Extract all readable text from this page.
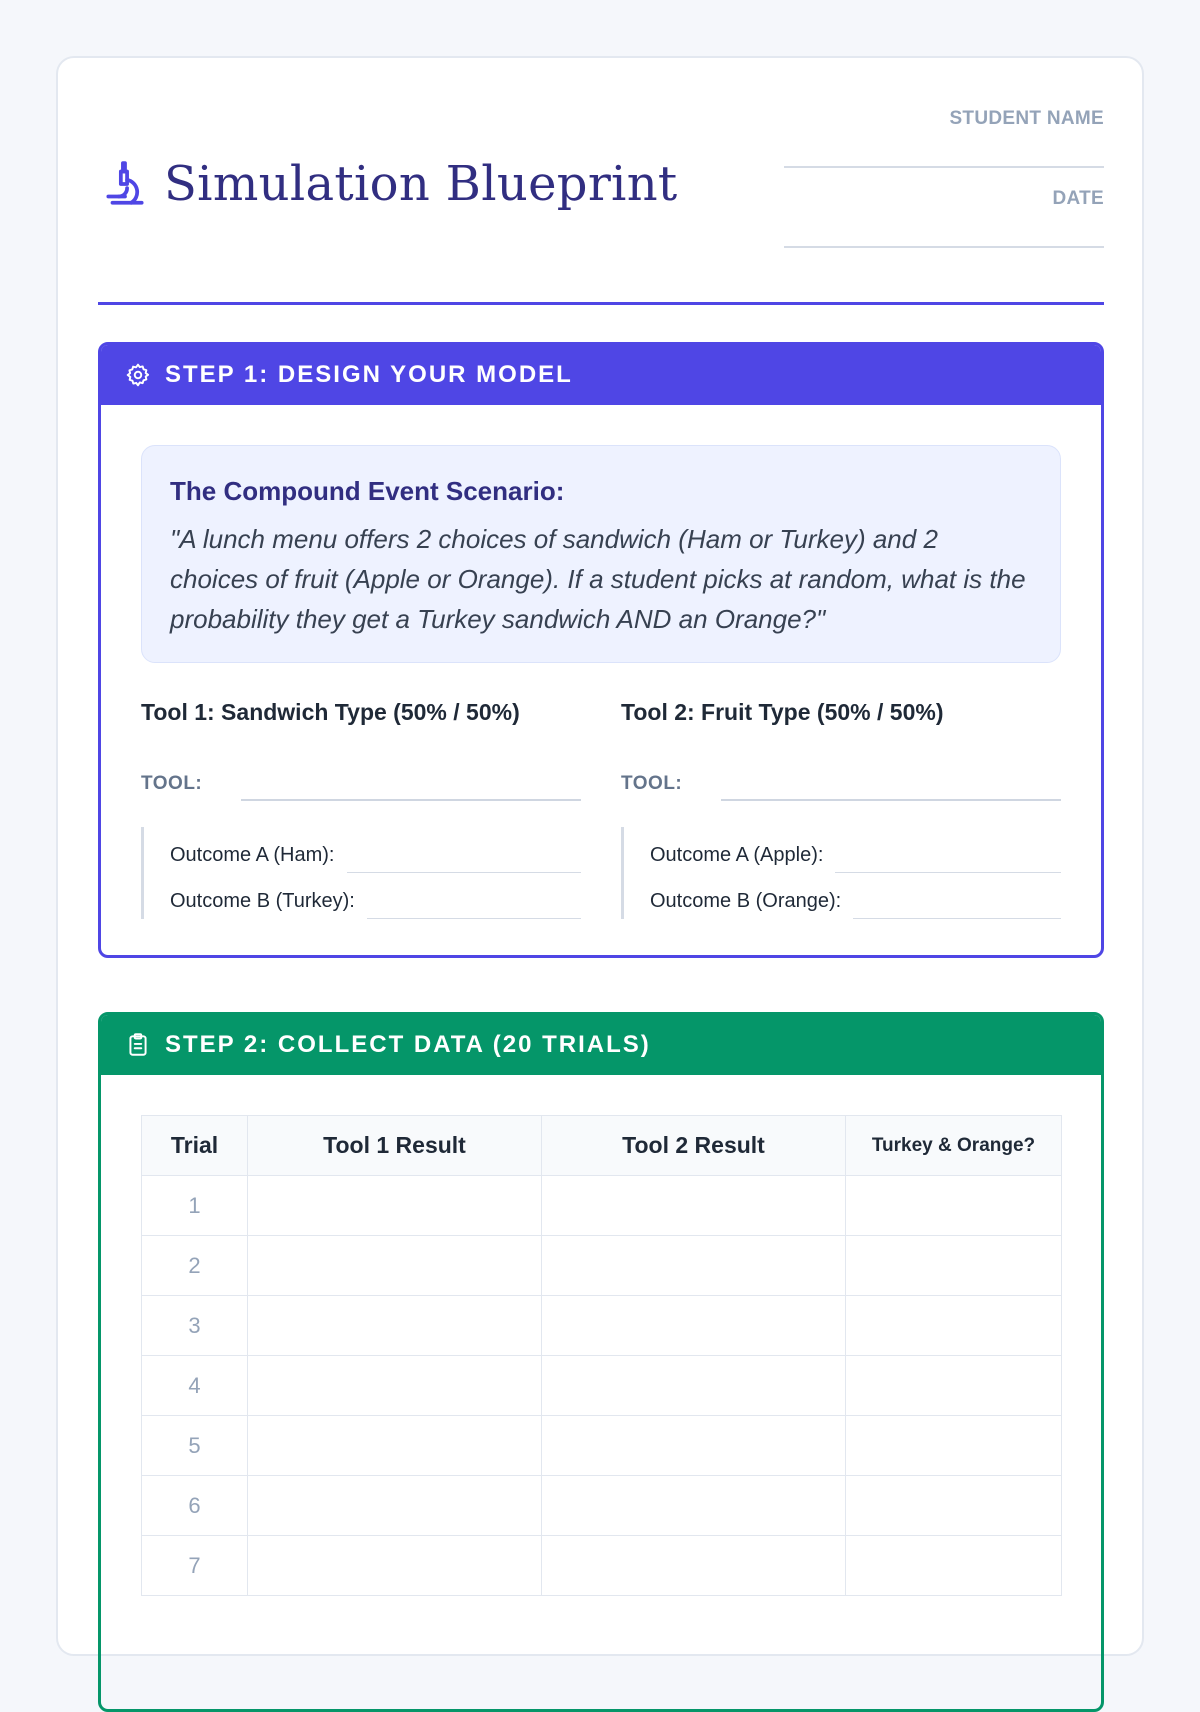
Simulation Blueprint
STUDENT NAME
DATE
STEP 1: DESIGN YOUR MODEL
The Compound Event Scenario:
"A lunch menu offers 2 choices of sandwich (Ham or Turkey) and 2 choices of fruit (Apple or Orange). If a student picks at random, what is the probability they get a Turkey sandwich AND an Orange?"
Tool 1: Sandwich Type (50% / 50%)
TOOL:
Outcome A (Ham):
Outcome B (Turkey):
Tool 2: Fruit Type (50% / 50%)
TOOL:
Outcome A (Apple):
Outcome B (Orange):
STEP 2: COLLECT DATA (20 TRIALS)
Trial	Tool 1 Result	Tool 2 Result	Turkey & Orange?
1			
2			
3			
4			
5			
6			
7			
